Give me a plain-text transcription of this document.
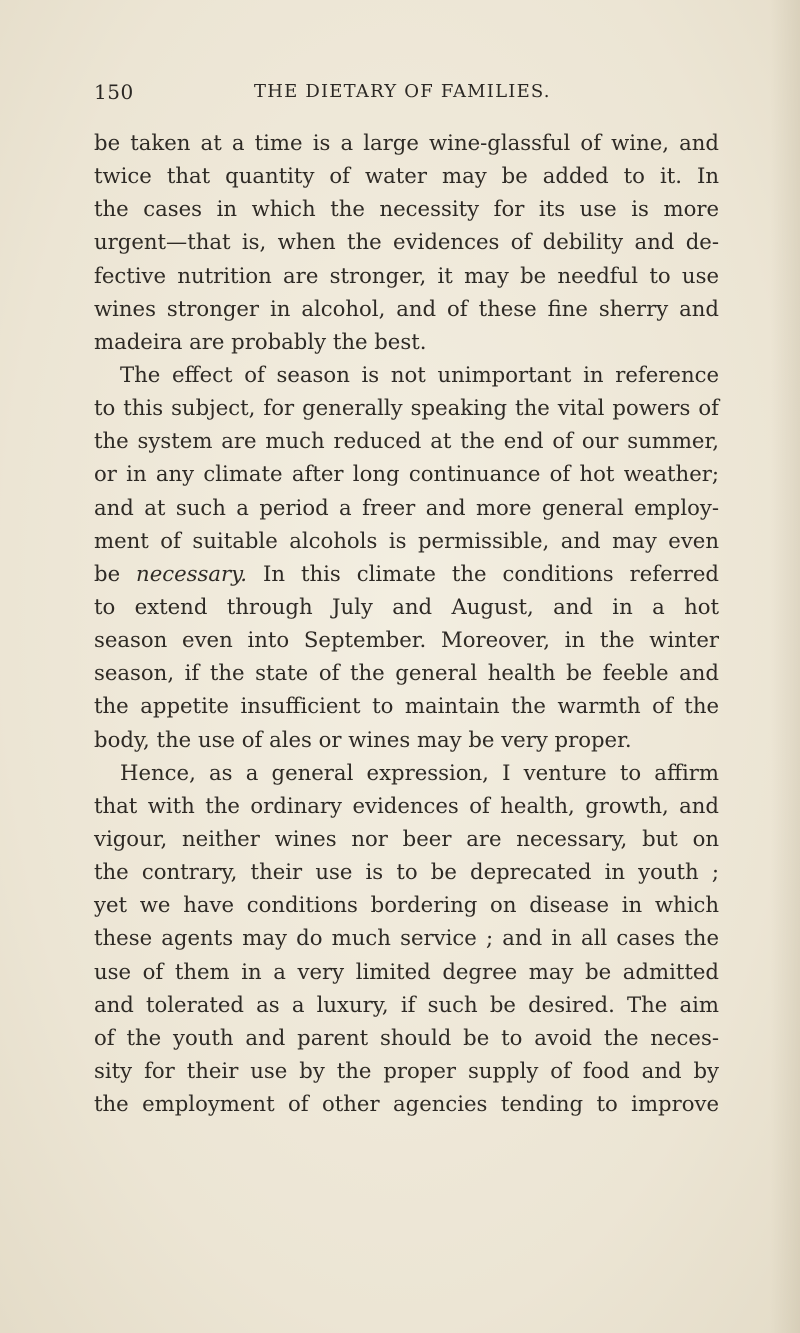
150	THE DIETARY OF FAMILIES.
be taken at a time is a large wine-glassful of wine, and
twice that quantity of water may be added to it. In
the cases in which the necessity for its use is more
urgent—that is, when the evidences of debility and de-
fective nutrition are stronger, it may be needful to use
wines stronger in alcohol, and of these fine sherry and
madeira are probably the best.
The effect of season is not unimportant in reference
to this subject, for generally speaking the vital powers of
the system are much reduced at the end of our summer,
or in any climate after long continuance of hot weather;
and at such a period a freer and more general employ-
ment of suitable alcohols is permissible, and may even
be necessary. In this climate the conditions referred
to extend through July and August, and in a hot
season even into September. Moreover, in the winter
season, if the state of the general health be feeble and
the appetite insufficient to maintain the warmth of the
body, the use of ales or wines may be very proper.
Hence, as a general expression, I venture to affirm
that with the ordinary evidences of health, growth, and
vigour, neither wines nor beer are necessary, but on
the contrary, their use is to be deprecated in youth ;
yet we have conditions bordering on disease in which
these agents may do much service ; and in all cases the
use of them in a very limited degree may be admitted
and tolerated as a luxury, if such be desired. The aim
of the youth and parent should be to avoid the neces-
sity for their use by the proper supply of food and by
the employment of other agencies tending to improve
